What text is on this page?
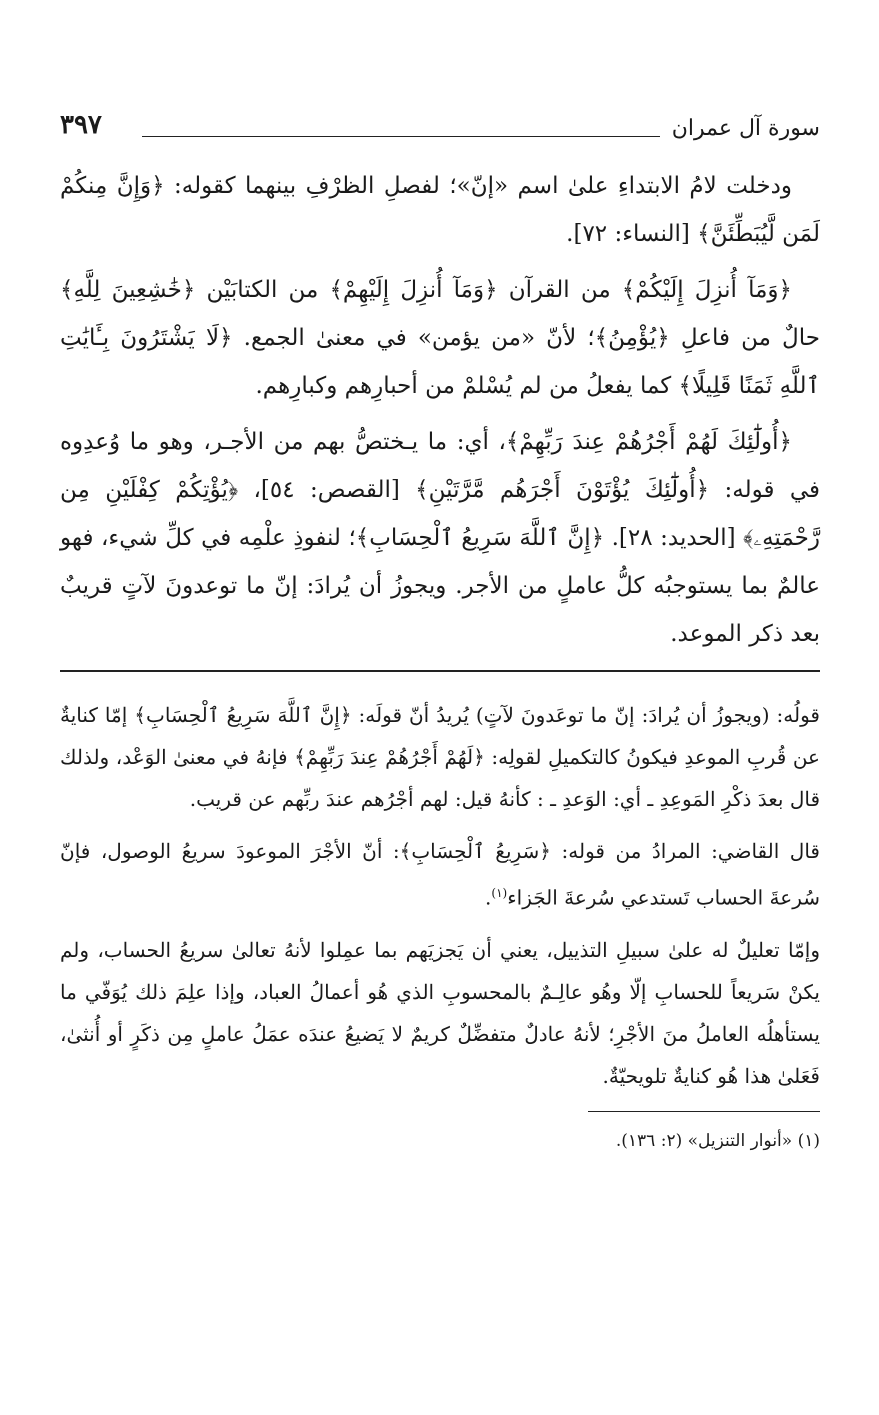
سورة آل عمران
٣٩٧

ودخلت لامُ الابتداءِ علىٰ اسم «إنّ»؛ لفصلِ الظرْفِ بينهما كقوله: ﴿وَإِنَّ مِنكُمْ لَمَن لَّيُبَطِّئَنَّ﴾ [النساء: ٧٢].

﴿وَمَآ أُنزِلَ إِلَيْكُمْ﴾ من القرآن ﴿وَمَآ أُنزِلَ إِلَيْهِمْ﴾ من الكتابَيْن ﴿خَٰشِعِينَ لِلَّهِ﴾ حالٌ من فاعلِ ﴿يُؤْمِنُ﴾؛ لأنّ «من يؤمن» في معنىٰ الجمع. ﴿لَا يَشْتَرُونَ بِـَٔايَٰتِ ٱللَّهِ ثَمَنًا قَلِيلًا﴾ كما يفعلُ من لم يُسْلمْ من أحبارِهم وكبارِهم.

﴿أُولَٰٓئِكَ لَهُمْ أَجْرُهُمْ عِندَ رَبِّهِمْ﴾، أي: ما يـختصُّ بهم من الأجـر، وهو ما وُعدِوه في قوله: ﴿أُولَٰٓئِكَ يُؤْتَوْنَ أَجْرَهُم مَّرَّتَيْنِ﴾ [القصص: ٥٤]، ﴿يُؤْتِكُمْ كِفْلَيْنِ مِن رَّحْمَتِهِۦ﴾ [الحديد: ٢٨]. ﴿إِنَّ ٱللَّهَ سَرِيعُ ٱلْحِسَابِ﴾؛ لنفوذِ علْمِه في كلِّ شيء، فهو عالمٌ بما يستوجبُه كلُّ عاملٍ من الأجر. ويجوزُ أن يُرادَ: إنّ ما توعدونَ لآتٍ قريبٌ بعد ذكر الموعد.

قولُه: (ويجوزُ أن يُرادَ: إنّ ما توعَدونَ لآتٍ) يُريدُ أنّ قولَه: ﴿إِنَّ ٱللَّهَ سَرِيعُ ٱلْحِسَابِ﴾ إمّا كنايةٌ عن قُربِ الموعدِ فيكونُ كالتكميلِ لقولِه: ﴿لَهُمْ أَجْرُهُمْ عِندَ رَبِّهِمْ﴾ فإنهُ في معنىٰ الوَعْد، ولذلك قال بعدَ ذكْرِ المَوعِدِ ـ أي: الوَعدِ ـ : كأنهُ قيل: لهم أجْرُهم عندَ ربِّهم عن قريب.

قال القاضي: المرادُ من قوله: ﴿سَرِيعُ ٱلْحِسَابِ﴾: أنّ الأجْرَ الموعودَ سريعُ الوصول، فإنّ سُرعةَ الحساب تَستدعي سُرعةَ الجَزاء$^{(١)}$.

وإمّا تعليلٌ له علىٰ سبيلِ التذييل، يعني أن يَجزيَهم بما عمِلوا لأنهُ تعالىٰ سريعُ الحساب، ولم يكنْ سَريعاً للحسابِ إلّا وهُو عالِـمٌ بالمحسوبِ الذي هُو أعمالُ العباد، وإذا علِمَ ذلك يُوَفّي ما يستأهلُه العاملُ منَ الأجْرِ؛ لأنهُ عادلٌ متفضِّلٌ كريمٌ لا يَضيعُ عندَه عمَلُ عاملٍ مِن ذكَرٍ أو أُنثىٰ، فَعَلىٰ هذا هُو كنايةٌ تلويحيّةٌ.

(١) «أنوار التنزيل» (٢: ١٣٦).
